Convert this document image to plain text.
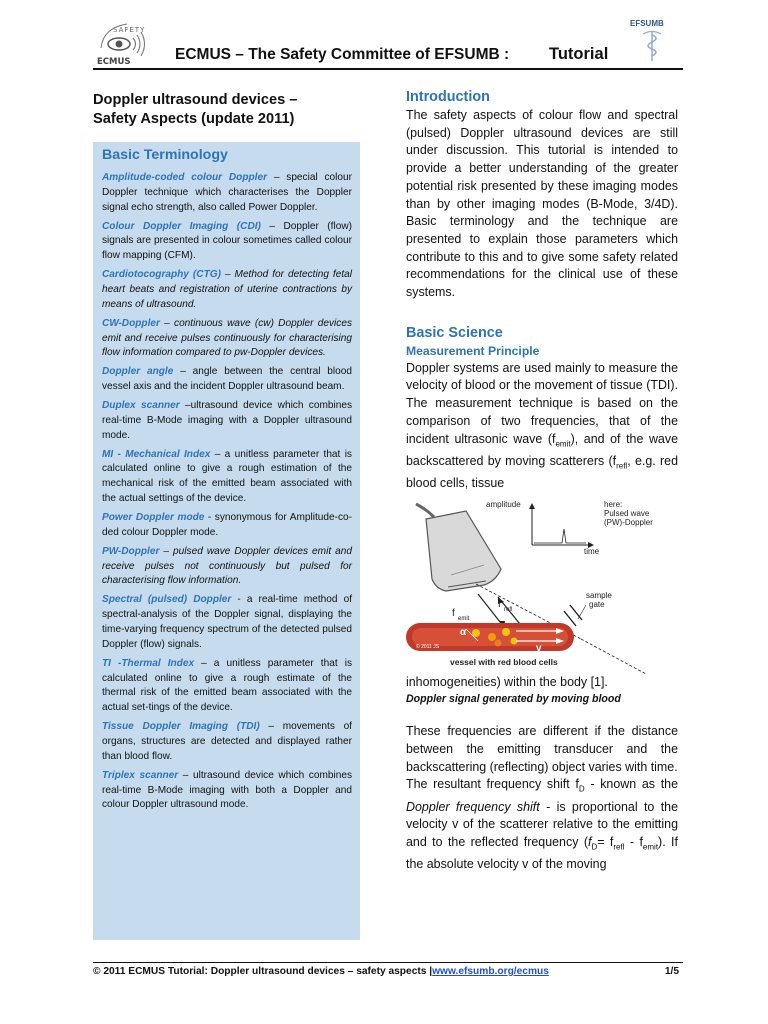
SAFETY
ECMUS	ECMUS – The Safety Committee of EFSUMB : Tutorial
EFSUMB
Doppler ultrasound devices –
Safety Aspects (update 2011)
Basic Terminology

Amplitude-coded colour Doppler – special colour Doppler technique which characterises the Doppler signal echo strength, also called Power Doppler.

Colour Doppler Imaging (CDI) – Doppler (flow) signals are presented in colour sometimes called colour flow mapping (CFM).

Cardiotocography (CTG) – Method for detecting fetal heart beats and registration of uterine contractions by means of ultrasound.

CW-Doppler – continuous wave (cw) Doppler devices emit and receive pulses continuously for characterising flow information compared to pw-Doppler devices.

Doppler angle – angle between the central blood vessel axis and the incident Doppler ultrasound beam.

Duplex scanner –ultrasound device which combines real-time B-Mode imaging with a Doppler ultrasound mode.

MI - Mechanical Index – a unitless parameter that is calculated online to give a rough estimation of the mechanical risk of the emitted beam associated with the actual settings of the device.

Power Doppler mode - synonymous for Amplitude-co-ded colour Doppler mode.

PW-Doppler – pulsed wave Doppler devices emit and receive pulses not continuously but pulsed for characterising flow information.

Spectral (pulsed) Doppler - a real-time method of spectral-analysis of the Doppler signal, displaying the time-varying frequency spectrum of the detected pulsed Doppler (flow) signals.

TI -Thermal Index – a unitless parameter that is calculated online to give a rough estimate of the thermal risk of the emitted beam associated with the actual set-tings of the device.

Tissue Doppler Imaging (TDI) – movements of organs, structures are detected and displayed rather than blood flow.

Triplex scanner – ultrasound device which combines real-time B-Mode imaging with both a Doppler and colour Doppler ultrasound mode.

Introduction

The safety aspects of colour flow and spectral (pulsed) Doppler ultrasound devices are still under discussion. This tutorial is intended to provide a better understanding of the greater potential risk presented by these imaging modes than by other imaging modes (B-Mode, 3/4D). Basic terminology and the technique are presented to explain those parameters which contribute to this and to give some safety related recommendations for the clinical use of these systems.

Basic Science
Measurement Principle

Doppler systems are used mainly to measure the velocity of blood or the movement of tissue (TDI). The measurement technique is based on the comparison of two frequencies, that of the incident ultrasonic wave $(f_{emit})$, and of the wave backscattered by moving scatterers ($f_{refl}$, e.g. red blood cells, tissue

f emit
f refl
sample
gate
α
v
© 2011 JS
vessel with red blood cells
amplitude
time
here:
Pulsed wave
(PW)-Doppler

inhomogeneities) within the body [1].

Doppler signal generated by moving blood

These frequencies are different if the distance between the emitting transducer and the backscattering (reflecting) object varies with time.

The resultant frequency shift $f_D$ - known as the Doppler frequency shift - is proportional to the velocity v of the scatterer relative to the emitting and to the reflected frequency $(f_D= f_{refl} - f_{emit})$. If the absolute velocity v of the moving

© 2011 ECMUS Tutorial: Doppler ultrasound devices – safety aspects |www.efsumb.org/ecmus	1/5
